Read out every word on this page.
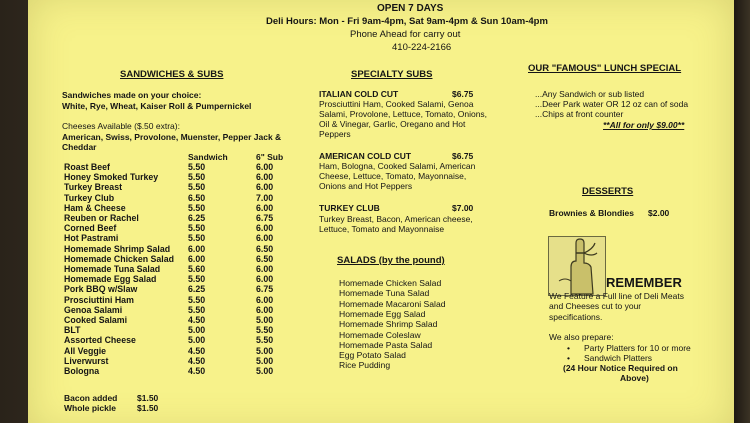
OPEN 7 DAYS
Deli Hours: Mon - Fri 9am-4pm, Sat 9am-4pm & Sun 10am-4pm
Phone Ahead for carry out
410-224-2166
SANDWICHES & SUBS
Sandwiches made on your choice:
White, Rye, Wheat, Kaiser Roll & Pumpernickel
Cheeses Available ($.50 extra):
American, Swiss, Provolone, Muenster, Pepper Jack &
Cheddar
Sandwich	6" Sub
Roast Beef	5.50	6.00
Honey Smoked Turkey	5.50	6.00
Turkey Breast	5.50	6.00
Turkey Club	6.50	7.00
Ham & Cheese	5.50	6.00
Reuben or Rachel	6.25	6.75
Corned Beef	5.50	6.00
Hot Pastrami	5.50	6.00
Homemade Shrimp Salad 6.00	6.50
Homemade Chicken Salad 6.00	6.50
Homemade Tuna Salad	5.60	6.00
Homemade Egg Salad	5.50	6.00
Pork BBQ w/Slaw	6.25	6.75
Prosciuttini Ham	5.50	6.00
Genoa Salami	5.50	6.00
Cooked Salami	4.50	5.00
BLT	5.00	5.50
Assorted Cheese	5.00	5.50
All Veggie	4.50	5.00
Liverwurst	4.50	5.00
Bologna	4.50	5.00
Bacon added $1.50
Whole pickle $1.50
SPECIALTY SUBS
ITALIAN COLD CUT	$6.75
Prosciuttini Ham, Cooked Salami, Genoa
Salami, Provolone, Lettuce, Tomato, Onions,
Oil & Vinegar, Garlic, Oregano and Hot
Peppers
AMERICAN COLD CUT	$6.75
Ham, Bologna, Cooked Salami, American
Cheese, Lettuce, Tomato, Mayonnaise,
Onions and Hot Peppers
TURKEY CLUB	$7.00
Turkey Breast, Bacon, American cheese,
Lettuce, Tomato and Mayonnaise
SALADS (by the pound)
Homemade Chicken Salad
Homemade Tuna Salad
Homemade Macaroni Salad
Homemade Egg Salad
Homemade Shrimp Salad
Homemade Coleslaw
Homemade Pasta Salad
Egg Potato Salad
Rice Pudding
OUR "FAMOUS" LUNCH SPECIAL
...Any Sandwich or sub listed
...Deer Park water OR 12 oz can of soda
...Chips at front counter
**All for only $9.00**
DESSERTS
Brownies & Blondies $2.00
REMEMBER
We Feature a Full line of Deli Meats
and Cheeses cut to your
specifications.
We also prepare:
• Party Platters for 10 or more
• Sandwich Platters
(24 Hour Notice Required on
Above)
